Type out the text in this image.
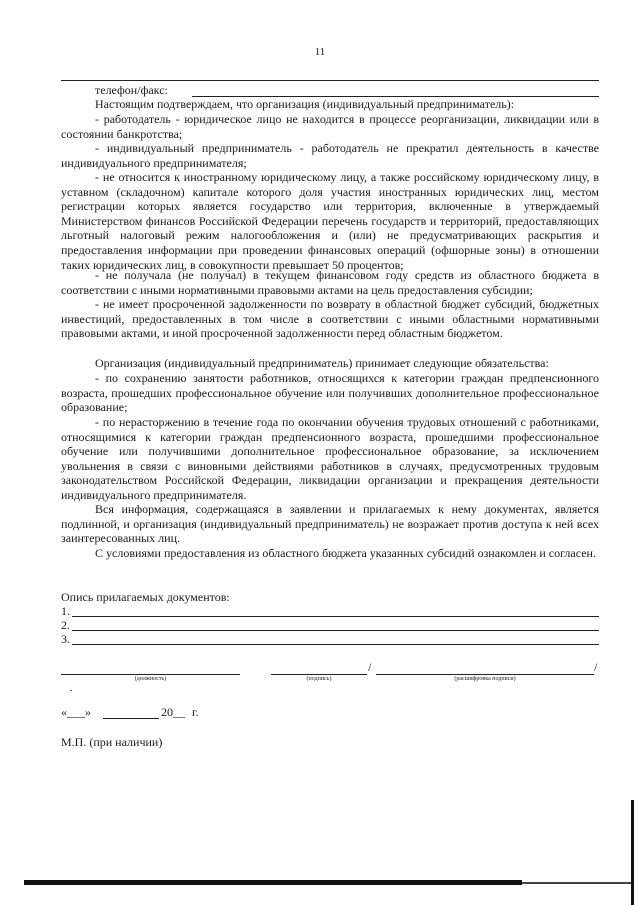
11
телефон/факс:

Настоящим подтверждаем, что организация (индивидуальный предприниматель):

- работодатель - юридическое лицо не находится в процессе реорганизации, ликвидации или в состоянии банкротства;

- индивидуальный предприниматель - работодатель не прекратил деятельность в качестве индивидуального предпринимателя;

- не относится к иностранному юридическому лицу, а также российскому юридическому лицу, в уставном (складочном) капитале которого доля участия иностранных юридических лиц, местом регистрации которых является государство или территория, включенные в утверждаемый Министерством финансов Российской Федерации перечень государств и территорий, предоставляющих льготный налоговый режим налогообложения и (или) не предусматривающих раскрытия и предоставления информации при проведении финансовых операций (офшорные зоны) в отношении таких юридических лиц, в совокупности превышает 50 процентов;

- не получала (не получал) в текущем финансовом году средств из областного бюджета в соответствии с иными нормативными правовыми актами на цель предоставления субсидии;

- не имеет просроченной задолженности по возврату в областной бюджет субсидий, бюджетных инвестиций, предоставленных в том числе в соответствии с иными областными нормативными правовыми актами, и иной просроченной задолженности перед областным бюджетом.

Организация (индивидуальный предприниматель) принимает следующие обязательства:

- по сохранению занятости работников, относящихся к категории граждан предпенсионного возраста, прошедших профессиональное обучение или получивших дополнительное профессиональное образование;

- по нерасторжению в течение года по окончании обучения трудовых отношений с работниками, относящимися к категории граждан предпенсионного возраста, прошедшими профессиональное обучение или получившими дополнительное профессиональное образование, за исключением увольнения в связи с виновными действиями работников в случаях, предусмотренных трудовым законодательством Российской Федерации, ликвидации организации и прекращения деятельности индивидуального предпринимателя.

Вся информация, содержащаяся в заявлении и прилагаемых к нему документах, является подлинной, и организация (индивидуальный предприниматель) не возражает против доступа к ней всех заинтересованных лиц.

С условиями предоставления из областного бюджета указанных субсидий ознакомлен и согласен.

Опись прилагаемых документов:
1.
2.
3.
(должность)	(подпись)
/
(расшифровка подписи)
/
«___»	20__ г.
М.П. (при наличии)
